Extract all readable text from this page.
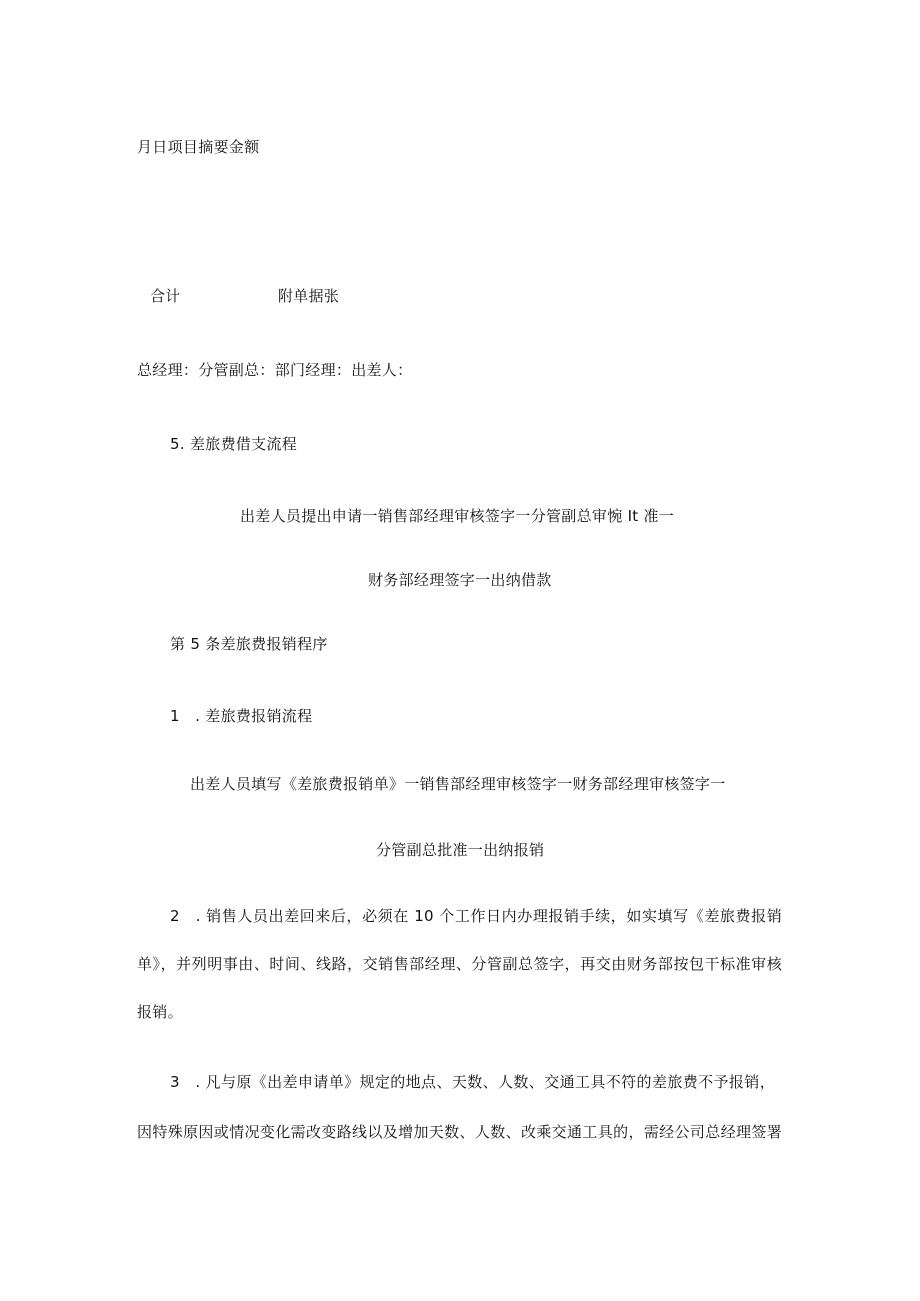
月日项目摘要金额
合计	附单据张
总经理：分管副总：部门经理：出差人：
5. 差旅费借支流程
出差人员提出申请一销售部经理审核签字一分管副总审惋 It 准一
财务部经理签字一出纳借款
第 5 条差旅费报销程序
1　. 差旅费报销流程
出差人员填写《差旅费报销单》一销售部经理审核签字一财务部经理审核签字一
分管副总批准一出纳报销
2　. 销售人员出差回来后，必须在 10 个工作日内办理报销手续，如实填写《差旅费报销
单》，并列明事由、时间、线路，交销售部经理、分管副总签字，再交由财务部按包干标准审核
报销。
3　. 凡与原《出差申请单》规定的地点、天数、人数、交通工具不符的差旅费不予报销，
因特殊原因或情况变化需改变路线以及增加天数、人数、改乘交通工具的，需经公司总经理签署
